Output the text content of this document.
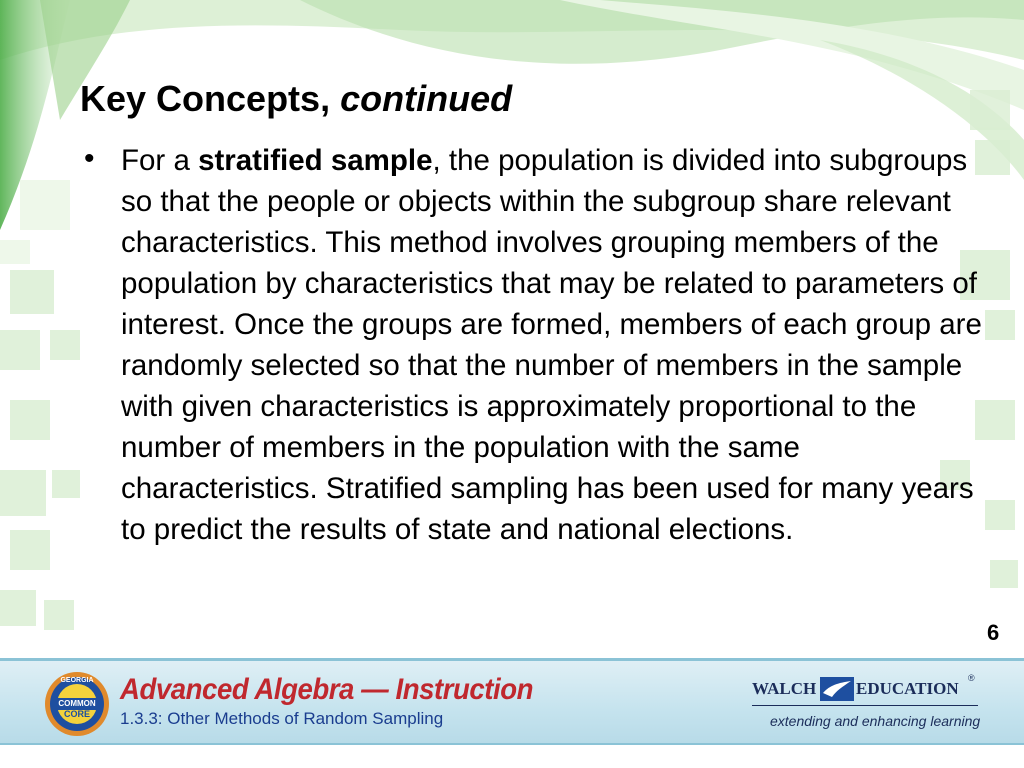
Key Concepts, continued
• For a stratified sample, the population is divided into subgroups so that the people or objects within the subgroup share relevant characteristics. This method involves grouping members of the population by characteristics that may be related to parameters of interest. Once the groups are formed, members of each group are randomly selected so that the number of members in the sample with given characteristics is approximately proportional to the number of members in the population with the same characteristics. Stratified sampling has been used for many years to predict the results of state and national elections.
6
GEORGIA
COMMON
CORE
Advanced Algebra — Instruction
1.3.3: Other Methods of Random Sampling
WALCH EDUCATION
®
extending and enhancing learning
